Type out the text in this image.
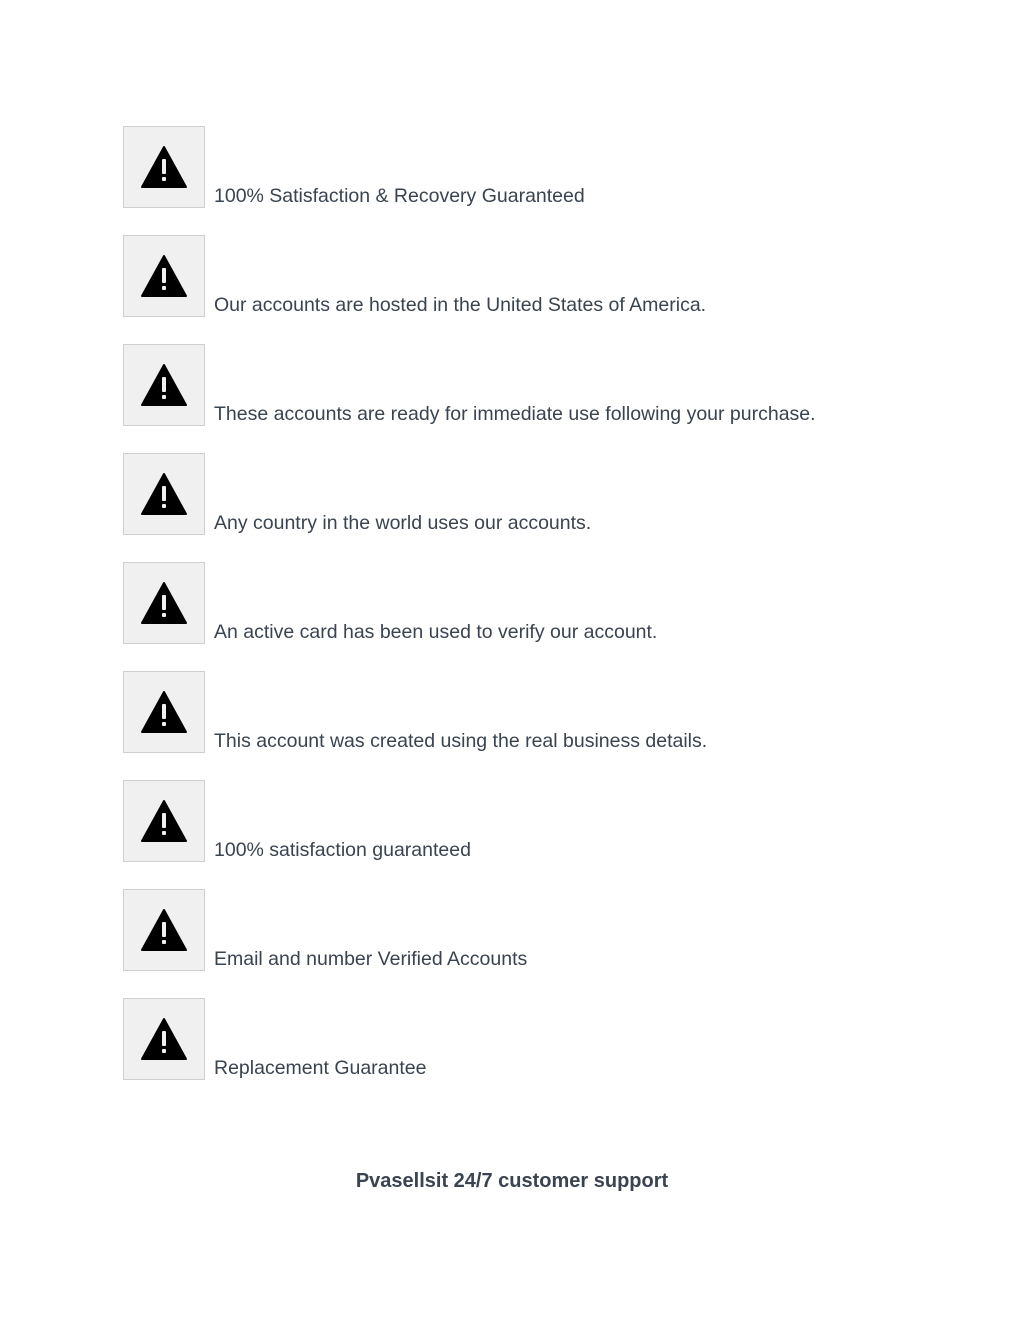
100% Satisfaction & Recovery Guaranteed
Our accounts are hosted in the United States of America.
These accounts are ready for immediate use following your purchase.
Any country in the world uses our accounts.
An active card has been used to verify our account.
This account was created using the real business details.
100% satisfaction guaranteed
Email and number Verified Accounts
Replacement Guarantee
Pvasellsit 24/7 customer support
